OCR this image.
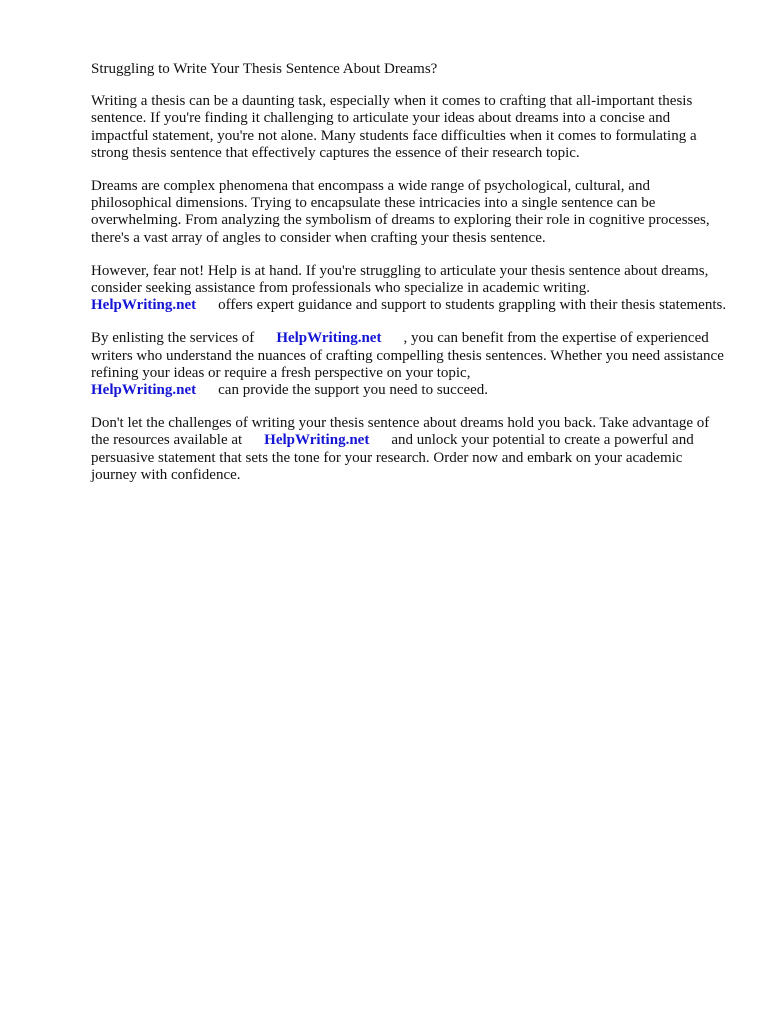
Struggling to Write Your Thesis Sentence About Dreams?

Writing a thesis can be a daunting task, especially when it comes to crafting that all-important thesis sentence. If you're finding it challenging to articulate your ideas about dreams into a concise and impactful statement, you're not alone. Many students face difficulties when it comes to formulating a strong thesis sentence that effectively captures the essence of their research topic.

Dreams are complex phenomena that encompass a wide range of psychological, cultural, and philosophical dimensions. Trying to encapsulate these intricacies into a single sentence can be overwhelming. From analyzing the symbolism of dreams to exploring their role in cognitive processes, there's a vast array of angles to consider when crafting your thesis sentence.

However, fear not! Help is at hand. If you're struggling to articulate your thesis sentence about dreams, consider seeking assistance from professionals who specialize in academic writing.
HelpWriting.net offers expert guidance and support to students grappling with their thesis statements.

By enlisting the services of HelpWriting.net , you can benefit from the expertise of experienced writers who understand the nuances of crafting compelling thesis sentences. Whether you need assistance refining your ideas or require a fresh perspective on your topic,
HelpWriting.net can provide the support you need to succeed.

Don't let the challenges of writing your thesis sentence about dreams hold you back. Take advantage of the resources available at HelpWriting.net and unlock your potential to create a powerful and persuasive statement that sets the tone for your research. Order now and embark on your academic journey with confidence.
